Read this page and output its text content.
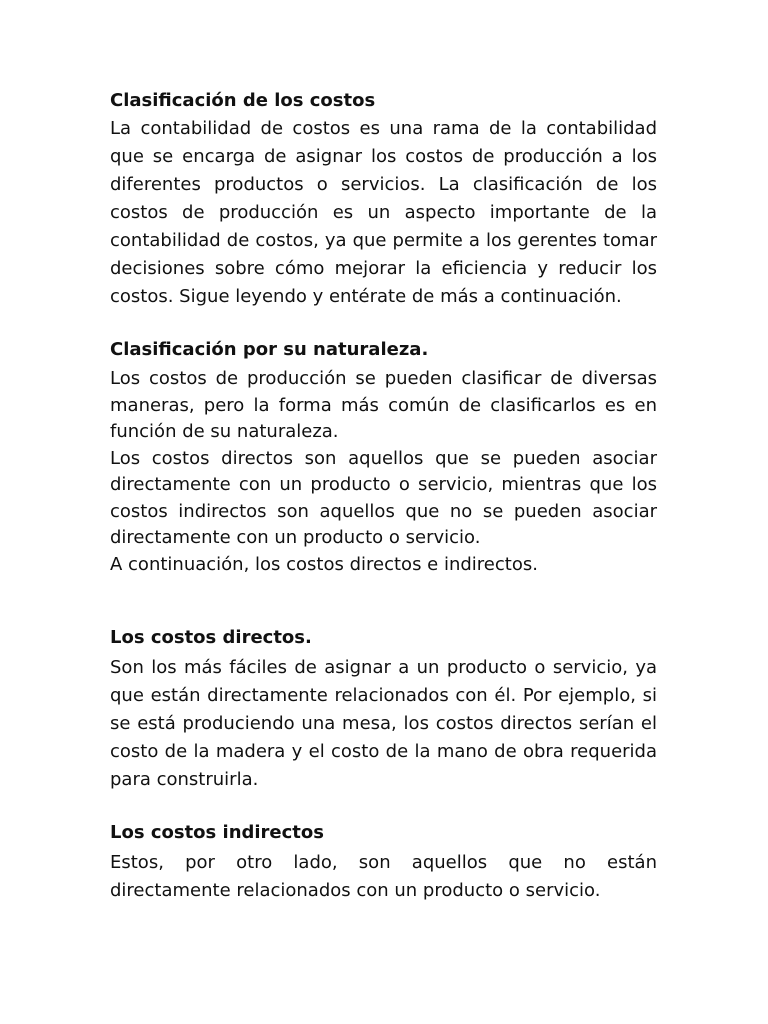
Clasificación de los costos

La contabilidad de costos es una rama de la contabilidad que se encarga de asignar los costos de producción a los diferentes productos o servicios. La clasificación de los costos de producción es un aspecto importante de la contabilidad de costos, ya que permite a los gerentes tomar decisiones sobre cómo mejorar la eficiencia y reducir los costos. Sigue leyendo y entérate de más a continuación.

Clasificación por su naturaleza.

Los costos de producción se pueden clasificar de diversas maneras, pero la forma más común de clasificarlos es en función de su naturaleza.

Los costos directos son aquellos que se pueden asociar directamente con un producto o servicio, mientras que los costos indirectos son aquellos que no se pueden asociar directamente con un producto o servicio.

A continuación, los costos directos e indirectos.

Los costos directos.

Son los más fáciles de asignar a un producto o servicio, ya que están directamente relacionados con él. Por ejemplo, si se está produciendo una mesa, los costos directos serían el costo de la madera y el costo de la mano de obra requerida para construirla.

Los costos indirectos

Estos, por otro lado, son aquellos que no están directamente relacionados con un producto o servicio.
